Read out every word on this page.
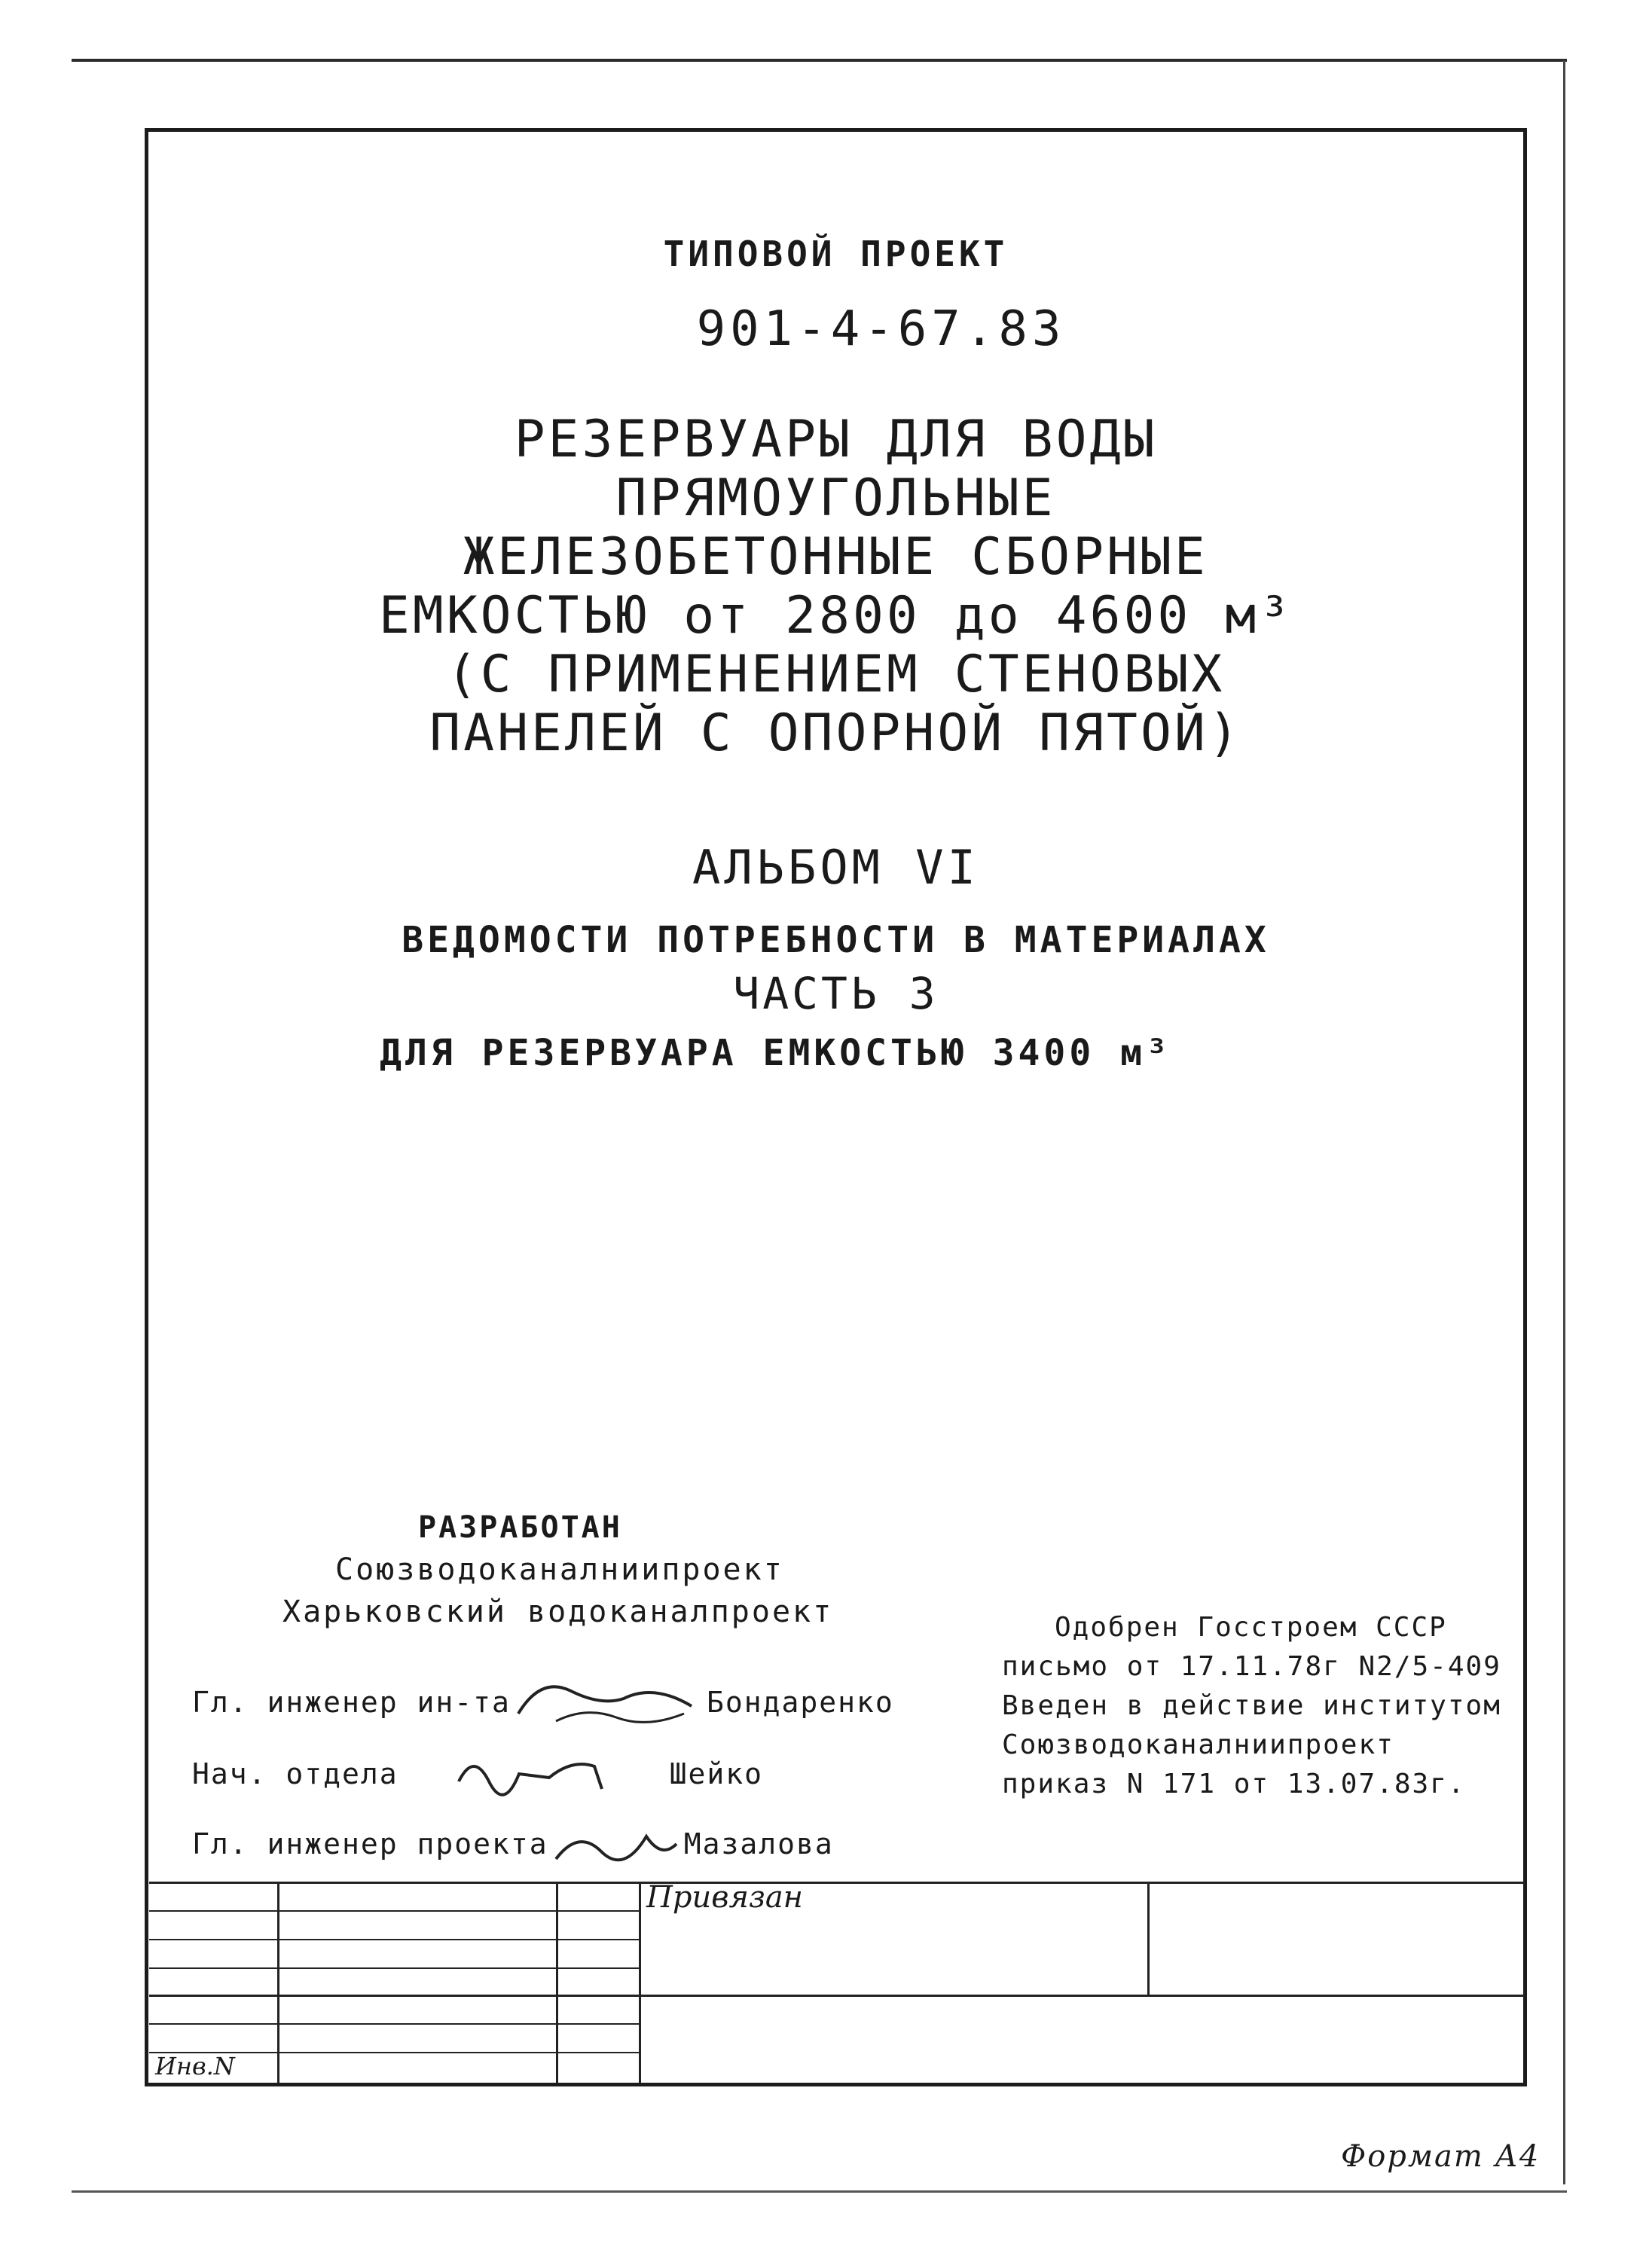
ТИПОВОЙ ПРОЕКТ
901-4-67.83
РЕЗЕРВУАРЫ ДЛЯ ВОДЫ
ПРЯМОУГОЛЬНЫЕ
ЖЕЛЕЗОБЕТОННЫЕ СБОРНЫЕ
ЕМКОСТЬЮ от 2800 до 4600 м³
(С ПРИМЕНЕНИЕМ СТЕНОВЫХ
ПАНЕЛЕЙ С ОПОРНОЙ ПЯТОЙ)
АЛЬБОМ VI
ВЕДОМОСТИ ПОТРЕБНОСТИ В МАТЕРИАЛАХ
ЧАСТЬ 3
ДЛЯ РЕЗЕРВУАРА ЕМКОСТЬЮ 3400 м³
РАЗРАБОТАН
Союзводоканалниипроект
Харьковский водоканалпроект
Гл. инженер ин-та	Бондаренко
Нач. отдела	Шейко
Гл. инженер проекта	Мазалова
Одобрен Госстроем СССР
письмо от 17.11.78г N2/5-409
Введен в действие институтом
Союзводоканалниипроект
приказ N 171 от 13.07.83г.
Привязан
Инв.N
Формат А4
